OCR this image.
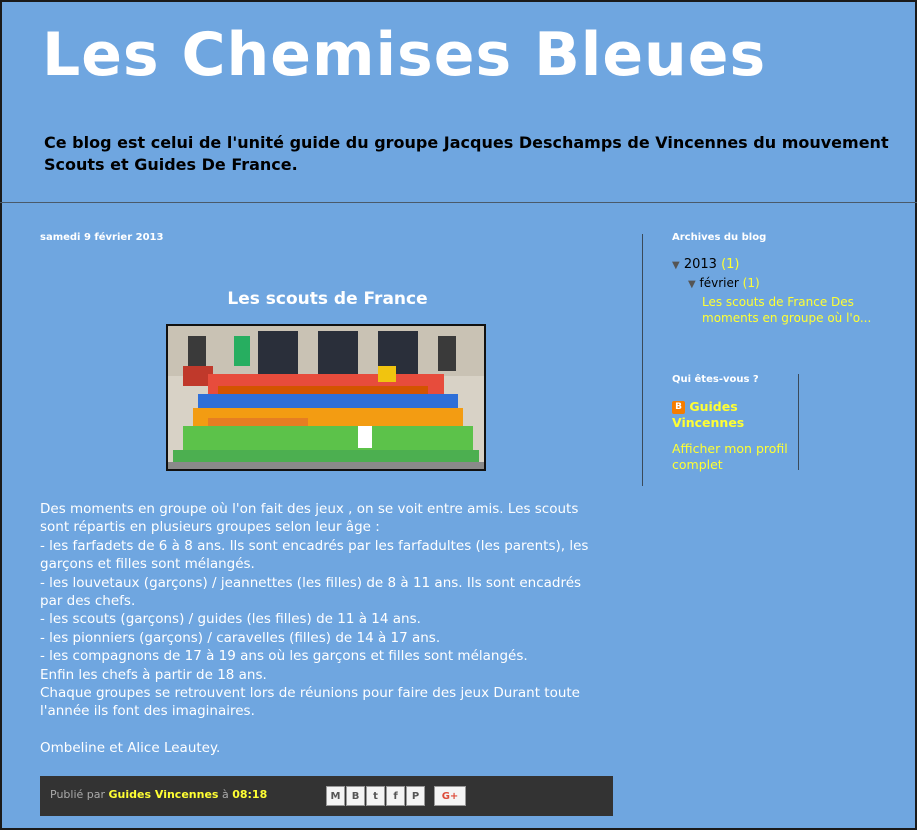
Les Chemises Bleues
Ce blog est celui de l'unité guide du groupe Jacques Deschamps de Vincennes du mouvement Scouts et Guides De France.
samedi 9 février 2013
Les scouts de France

Des moments en groupe où l'on fait des jeux , on se voit entre amis. Les scouts sont répartis en plusieurs groupes selon leur âge :

- les farfadets de 6 à 8 ans. Ils sont encadrés par les farfadultes (les parents), les garçons et filles sont mélangés.

- les louvetaux (garçons) / jeannettes (les filles) de 8 à 11 ans. Ils sont encadrés par des chefs.

- les scouts (garçons) / guides (les filles) de 11 à 14 ans.

- les pionniers (garçons) / caravelles (filles) de 14 à 17 ans.

- les compagnons de 17 à 19 ans où les garçons et filles sont mélangés.

Enfin les chefs à partir de 18 ans.

Chaque groupes se retrouvent lors de réunions pour faire des jeux Durant toute l'année ils font des imaginaires.

Ombeline et Alice Leautey.

Publié par Guides Vincennes à 08:18	M	B	t	f	P	G+
Archives du blog
▼ 2013 (1)
▼ février (1)
Les scouts de France Des moments en groupe où l'o...
Qui êtes-vous ?
B Guides Vincennes
Afficher mon profil complet
